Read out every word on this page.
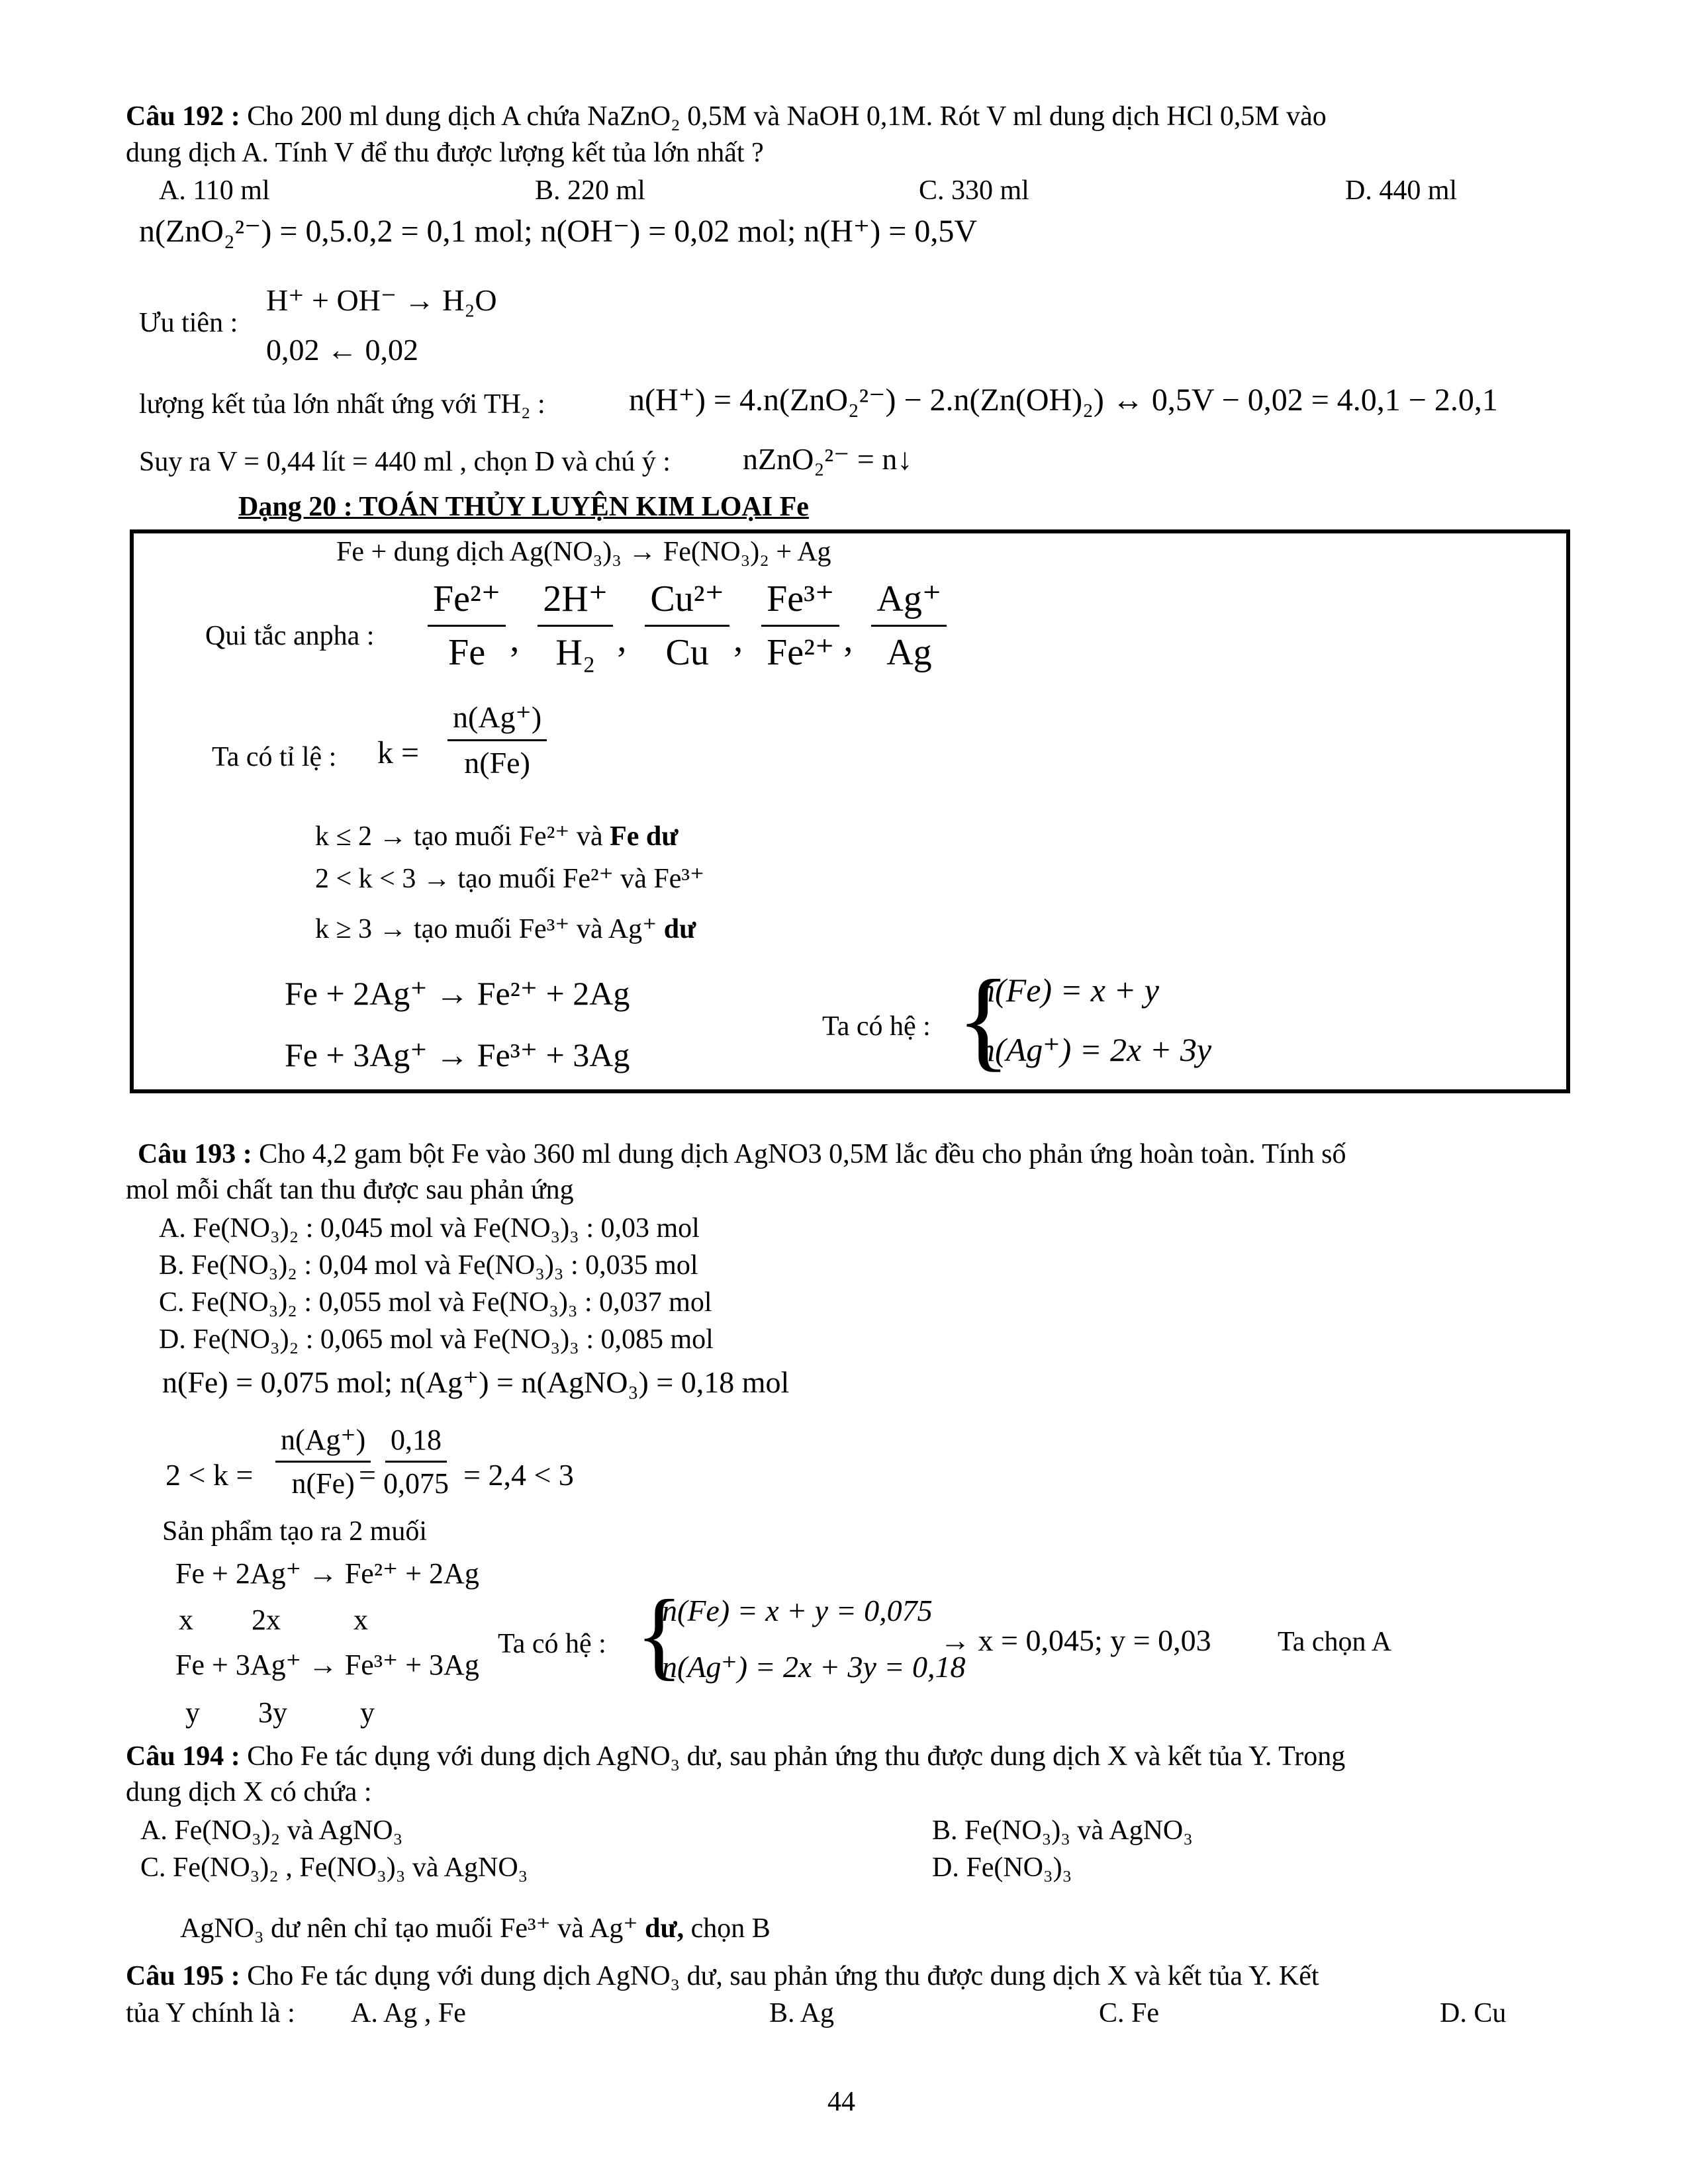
Câu 192 : Cho 200 ml dung dịch A chứa NaZnO₂ 0,5M và NaOH 0,1M. Rót V ml dung dịch HCl 0,5M vào
dung dịch A. Tính V để thu được lượng kết tủa lớn nhất ?
A. 110 ml	B. 220 ml	C. 330 ml	D. 440 ml
n(ZnO₂²⁻) = 0,5.0,2 = 0,1 mol; n(OH⁻) = 0,02 mol; n(H⁺) = 0,5V
Ưu tiên :
H⁺ + OH⁻ → H₂O
0,02 ← 0,02
lượng kết tủa lớn nhất ứng với TH₂ :	n(H⁺) = 4.n(ZnO₂²⁻) − 2.n(Zn(OH)₂) ↔ 0,5V − 0,02 = 4.0,1 − 2.0,1
Suy ra V = 0,44 lít = 440 ml , chọn D và chú ý : nZnO₂²⁻ = n↓
Dạng 20 : TOÁN THỦY LUYỆN KIM LOẠI Fe
Fe + dung dịch Ag(NO₃)₃ → Fe(NO₃)₂ + Ag
Qui tắc anpha : $\frac{\text{Fe²⁺}}{Fe}$ , $\frac{2H^+}{\text{H₂}}$ , $\frac{\text{Cu²⁺}}{Cu}$ , $\frac{\text{Fe³⁺}}{\text{Fe²⁺}}$ , $\frac{Ag^+}{Ag}$
Ta có tỉ lệ : $k = \frac{n(Ag^+)}{n(Fe)}$
k ≤ 2 → tạo muối Fe²⁺ và Fe dư
2 < k < 3 → tạo muối Fe²⁺ và Fe³⁺
k ≥ 3 → tạo muối Fe³⁺ và Ag⁺ dư
Fe + 2Ag⁺ → Fe²⁺ + 2Ag
Fe + 3Ag⁺ → Fe³⁺ + 3Ag
Ta có hệ : {
n(Fe) = x + y
n(Ag⁺) = 2x + 3y
Câu 193 : Cho 4,2 gam bột Fe vào 360 ml dung dịch AgNO3 0,5M lắc đều cho phản ứng hoàn toàn. Tính số
mol mỗi chất tan thu được sau phản ứng
A. Fe(NO₃)₂ : 0,045 mol và Fe(NO₃)₃ : 0,03 mol
B. Fe(NO₃)₂ : 0,04 mol và Fe(NO₃)₃ : 0,035 mol
C. Fe(NO₃)₂ : 0,055 mol và Fe(NO₃)₃ : 0,037 mol
D. Fe(NO₃)₂ : 0,065 mol và Fe(NO₃)₃ : 0,085 mol
n(Fe) = 0,075 mol; n(Ag⁺) = n(AgNO₃) = 0,18 mol
$2 < k = \frac{n(Ag^+)}{n(Fe)}$
= $\frac{0,18}{0,075} = 2,4 < 3$
Sản phẩm tạo ra 2 muối
Fe + 2Ag⁺ → Fe²⁺ + 2Ag
x        2x          x
Fe + 3Ag⁺ → Fe³⁺ + 3Ag
y        3y          y
Ta có hệ : {
n(Fe) = x + y = 0,075
n(Ag⁺) = 2x + 3y = 0,18
→ x = 0,045; y = 0,03 Ta chọn A
Câu 194 : Cho Fe tác dụng với dung dịch AgNO₃ dư, sau phản ứng thu được dung dịch X và kết tủa Y. Trong
dung dịch X có chứa :
A. Fe(NO₃)₂ và AgNO₃	B. Fe(NO₃)₃ và AgNO₃
C. Fe(NO₃)₂ , Fe(NO₃)₃ và AgNO₃	D. Fe(NO₃)₃
AgNO₃ dư nên chỉ tạo muối Fe³⁺ và Ag⁺ dư, chọn B
Câu 195 : Cho Fe tác dụng với dung dịch AgNO₃ dư, sau phản ứng thu được dung dịch X và kết tủa Y. Kết
tủa Y chính là : A. Ag , Fe	B. Ag	C. Fe	D. Cu
44
